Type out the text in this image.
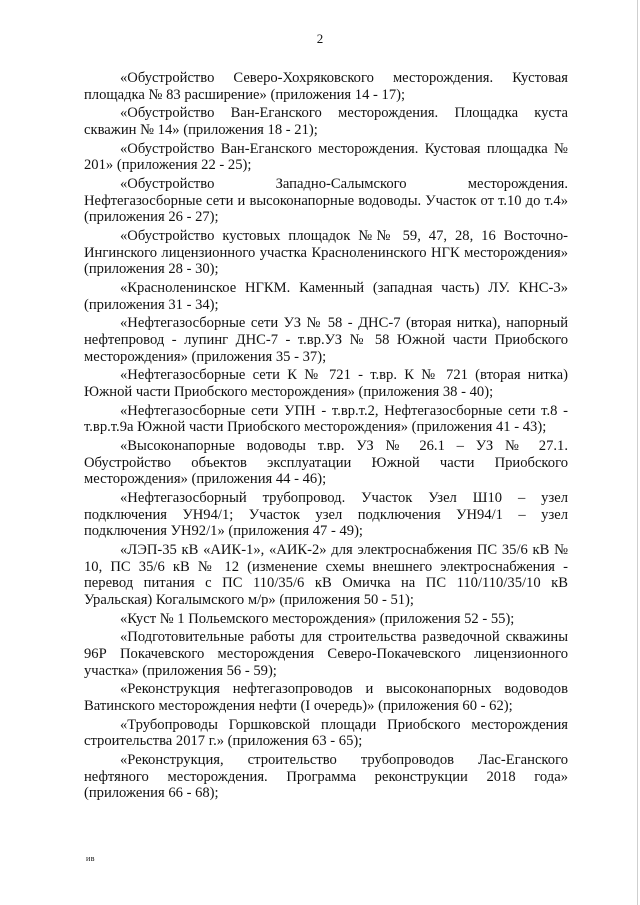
2

«Обустройство Северо-Хохряковского месторождения. Кустовая площадка № 83 расширение» (приложения 14 - 17);

«Обустройство Ван-Еганского месторождения. Площадка куста скважин № 14» (приложения 18 - 21);

«Обустройство Ван-Еганского месторождения. Кустовая площадка № 201» (приложения 22 - 25);

«Обустройство Западно-Салымского месторождения. Нефтегазосборные сети и высоконапорные водоводы. Участок от т.10 до т.4» (приложения 26 - 27);

«Обустройство кустовых площадок №№ 59, 47, 28, 16 Восточно-Ингинского лицензионного участка Красноленинского НГК месторождения» (приложения 28 - 30);

«Красноленинское НГКМ. Каменный (западная часть) ЛУ. КНС-3» (приложения 31 - 34);

«Нефтегазосборные сети УЗ № 58 - ДНС-7 (вторая нитка), напорный нефтепровод - лупинг ДНС-7 - т.вр.УЗ № 58 Южной части Приобского месторождения» (приложения 35 - 37);

«Нефтегазосборные сети К № 721 - т.вр. К № 721 (вторая нитка) Южной части Приобского месторождения» (приложения 38 - 40);

«Нефтегазосборные сети УПН - т.вр.т.2, Нефтегазосборные сети т.8 - т.вр.т.9а Южной части Приобского месторождения» (приложения 41 - 43);

«Высоконапорные водоводы т.вр. УЗ № 26.1 – УЗ № 27.1. Обустройство объектов эксплуатации Южной части Приобского месторождения» (приложения 44 - 46);

«Нефтегазосборный трубопровод. Участок Узел Ш10 – узел подключения УН94/1; Участок узел подключения УН94/1 – узел подключения УН92/1» (приложения 47 - 49);

«ЛЭП-35 кВ «АИК-1», «АИК-2» для электроснабжения ПС 35/6 кВ № 10, ПС 35/6 кВ № 12 (изменение схемы внешнего электроснабжения - перевод питания с ПС 110/35/6 кВ Омичка на ПС 110/110/35/10 кВ Уральская) Когалымского м/р» (приложения 50 - 51);

«Куст № 1 Польемского месторождения» (приложения 52 - 55);

«Подготовительные работы для строительства разведочной скважины 96Р Покачевского месторождения Северо-Покачевского лицензионного участка» (приложения 56 - 59);

«Реконструкция нефтегазопроводов и высоконапорных водоводов Ватинского месторождения нефти (I очередь)» (приложения 60 - 62);

«Трубопроводы Горшковской площади Приобского месторождения строительства 2017 г.» (приложения 63 - 65);

«Реконструкция, строительство трубопроводов Лас-Еганского нефтяного месторождения. Программа реконструкции 2018 года» (приложения 66 - 68);

ив
